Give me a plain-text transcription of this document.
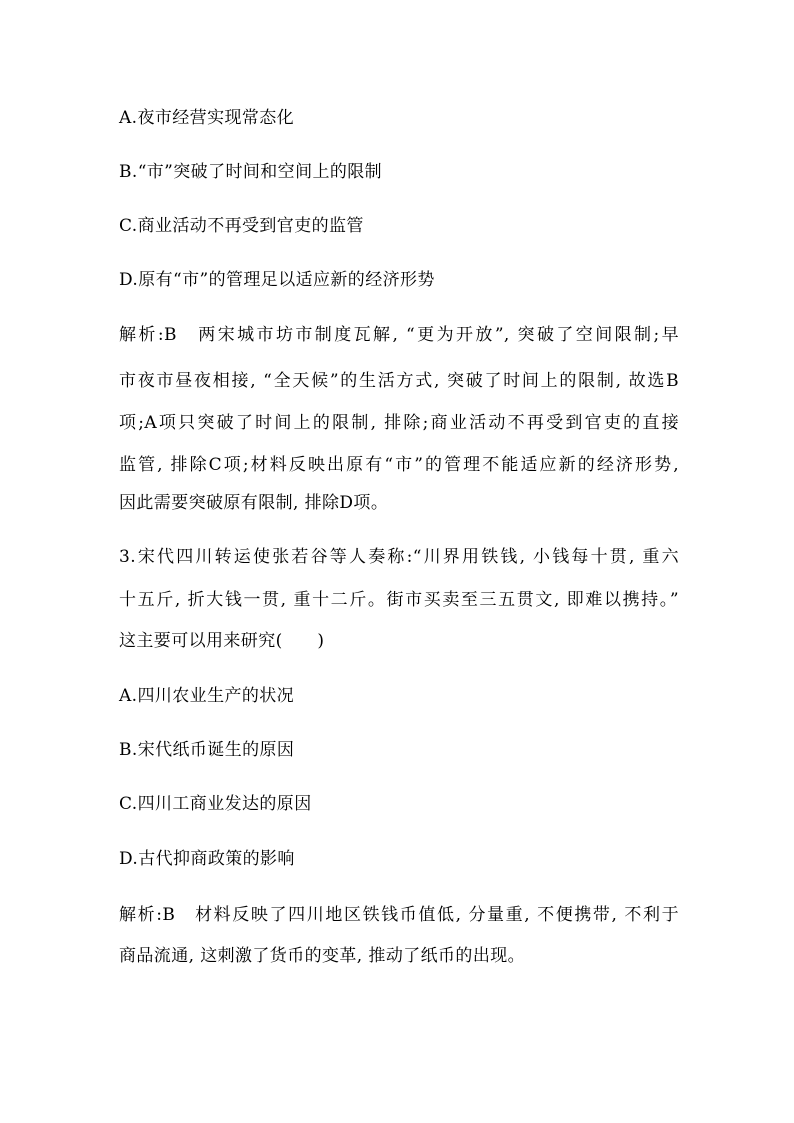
A.夜市经营实现常态化
B.“市”突破了时间和空间上的限制
C.商业活动不再受到官吏的监管
D.原有“市”的管理足以适应新的经济形势
解析:B　两宋城市坊市制度瓦解, “更为开放”, 突破了空间限制;早
市夜市昼夜相接, “全天候”的生活方式, 突破了时间上的限制, 故选B
项;A项只突破了时间上的限制, 排除;商业活动不再受到官吏的直接
监管, 排除C项;材料反映出原有“市”的管理不能适应新的经济形势,
因此需要突破原有限制, 排除D项。
3.宋代四川转运使张若谷等人奏称:“川界用铁钱, 小钱每十贯, 重六
十五斤, 折大钱一贯, 重十二斤。街市买卖至三五贯文, 即难以携持。”
这主要可以用来研究(　　)
A.四川农业生产的状况
B.宋代纸币诞生的原因
C.四川工商业发达的原因
D.古代抑商政策的影响
解析:B　材料反映了四川地区铁钱币值低, 分量重, 不便携带, 不利于
商品流通, 这刺激了货币的变革, 推动了纸币的出现。
